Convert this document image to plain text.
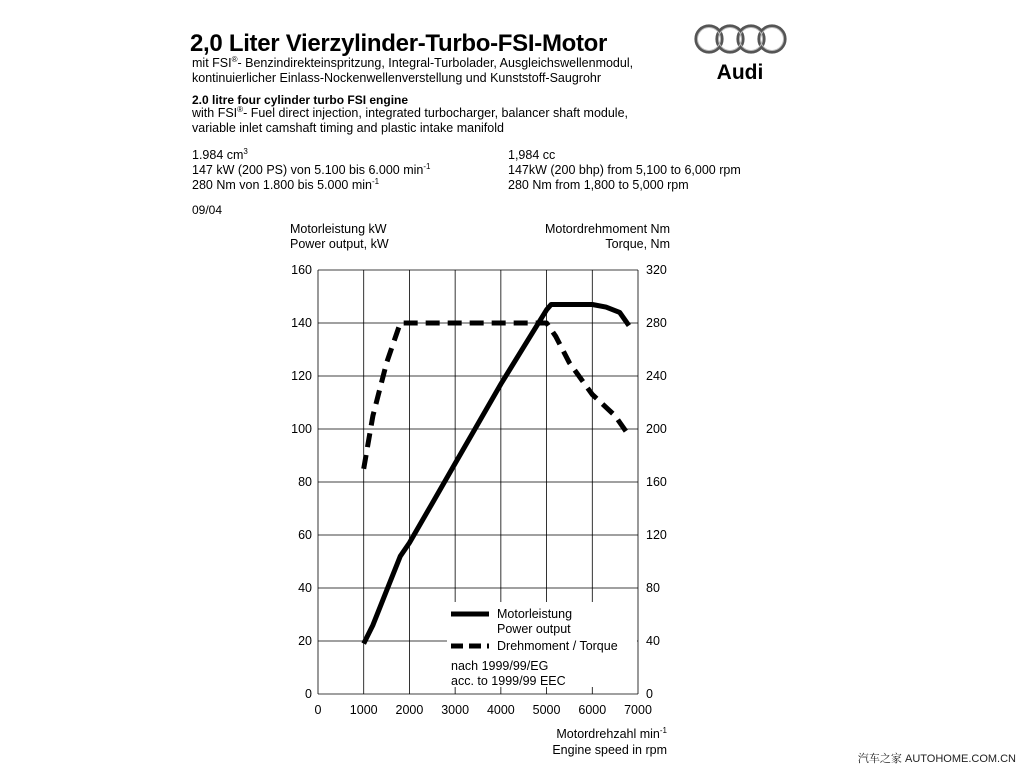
2,0 Liter Vierzylinder-Turbo-FSI-Motor
mit FSI®- Benzindirekteinspritzung, Integral-Turbolader, Ausgleichswellenmodul,
kontinuierlicher Einlass-Nockenwellenverstellung und Kunststoff-Saugrohr
2.0 litre four cylinder turbo FSI engine
with FSI®- Fuel direct injection, integrated turbocharger, balancer shaft module,
variable inlet camshaft timing and plastic intake manifold
1.984 $cm^3$
147 kW (200 PS) von 5.100 bis 6.000 $\min^{-1}$
280 Nm von 1.800 bis 5.000 $\min^{-1}$
1,984 cc
147kW (200 bhp) from 5,100 to 6,000 rpm
280 Nm from 1,800 to 5,000 rpm
09/04
Motorleistung kW
Power output, kW
Motordrehmoment Nm
Torque, Nm
Motordrehzahl $\min^{-1}$
Engine speed in rpm
Audi
0 1000 2000 3000 4000 5000 6000 7000
0	0
20	40
40	80
60	120
80	160
100	200
120	240
140	280
160	320
Motorleistung
Power output
Drehmoment / Torque
nach 1999/99/EG
acc. to 1999/99 EEC
汽车之家 AUTOHOME.COM.CN
